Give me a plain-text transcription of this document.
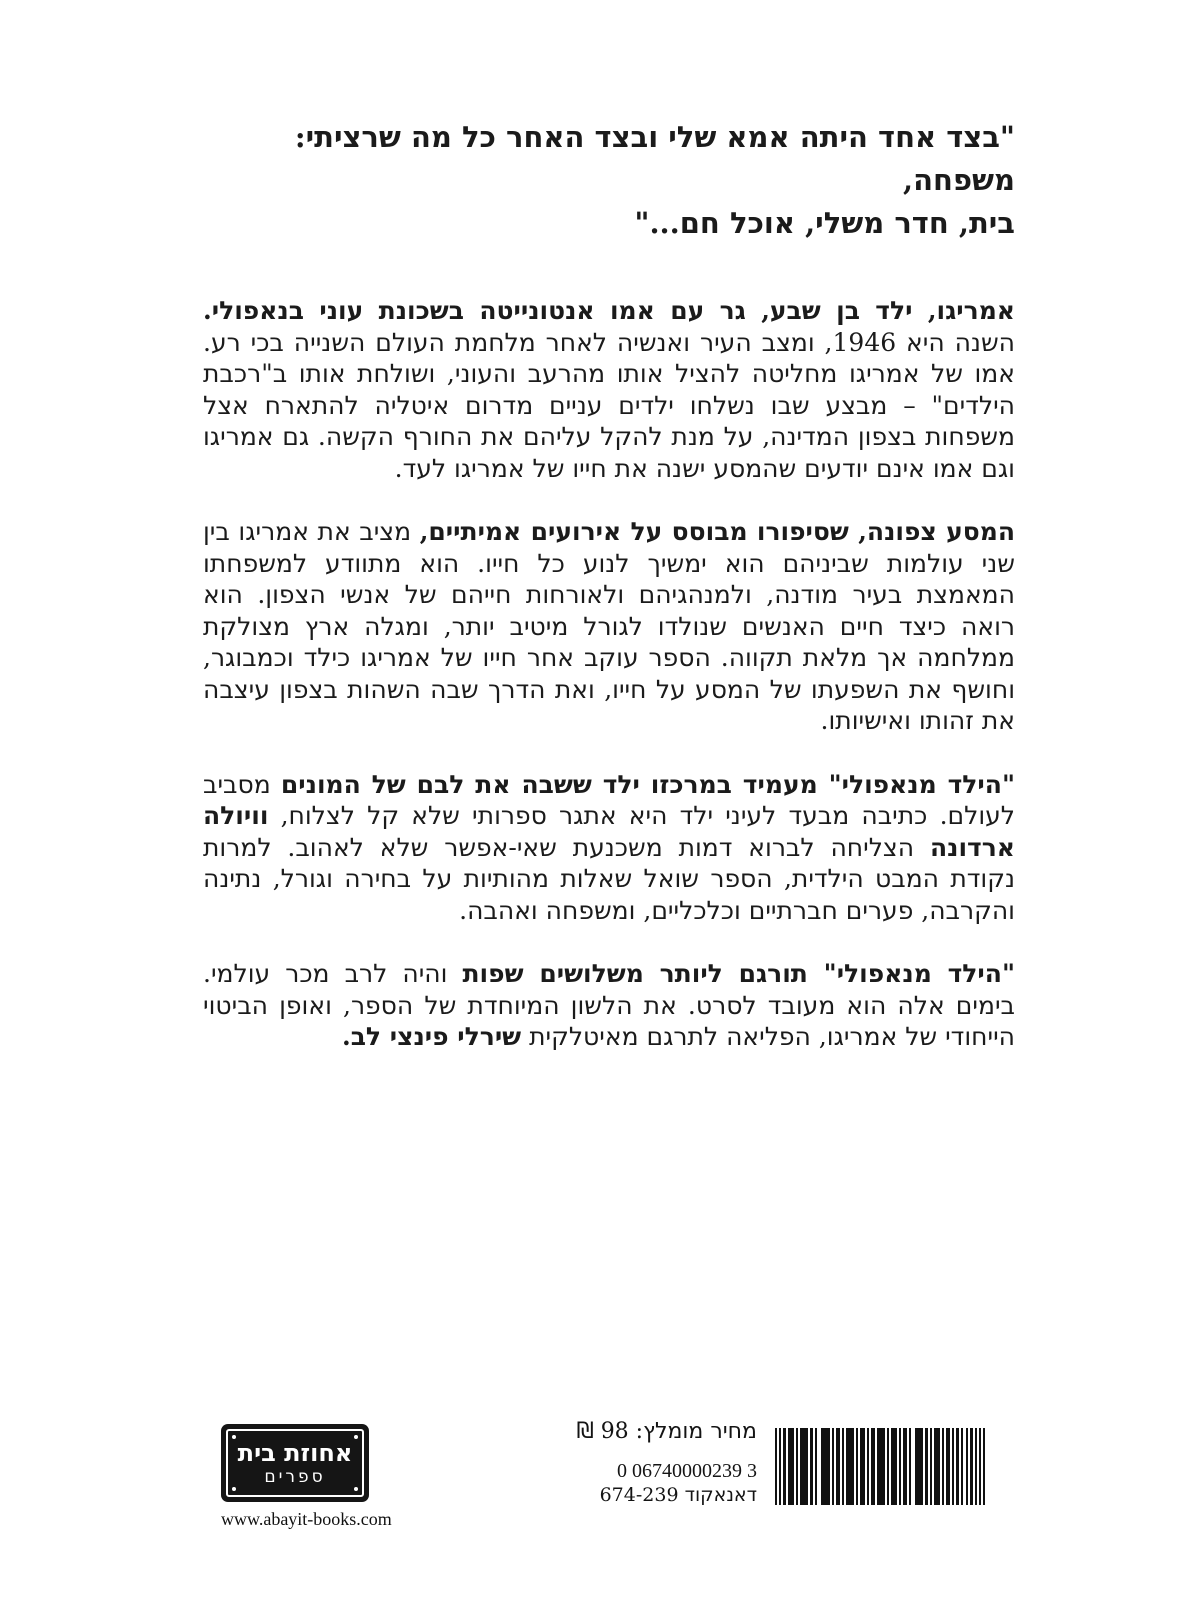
"בצד אחד היתה אמא שלי ובצד האחר כל מה שרציתי: משפחה,
בית, חדר משלי, אוכל חם..."

אמריגו, ילד בן שבע, גר עם אמו אנטונייטה בשכונת עוני בנאפולי. השנה היא 1946, ומצב העיר ואנשיה לאחר מלחמת העולם השנייה בכי רע. אמו של אמריגו מחליטה להציל אותו מהרעב והעוני, ושולחת אותו ב"רכבת הילדים" – מבצע שבו נשלחו ילדים עניים מדרום איטליה להתארח אצל משפחות בצפון המדינה, על מנת להקל עליהם את החורף הקשה. גם אמריגו וגם אמו אינם יודעים שהמסע ישנה את חייו של אמריגו לעד.

המסע צפונה, שסיפורו מבוסס על אירועים אמיתיים, מציב את אמריגו בין שני עולמות שביניהם הוא ימשיך לנוע כל חייו. הוא מתוודע למשפחתו המאמצת בעיר מודנה, ולמנהגיהם ולאורחות חייהם של אנשי הצפון. הוא רואה כיצד חיים האנשים שנולדו לגורל מיטיב יותר, ומגלה ארץ מצולקת ממלחמה אך מלאת תקווה. הספר עוקב אחר חייו של אמריגו כילד וכמבוגר, וחושף את השפעתו של המסע על חייו, ואת הדרך שבה השהות בצפון עיצבה את זהותו ואישיותו.

"הילד מנאפולי" מעמיד במרכזו ילד ששבה את לבם של המונים מסביב לעולם. כתיבה מבעד לעיני ילד היא אתגר ספרותי שלא קל לצלוח, וויולה ארדונה הצליחה לברוא דמות משכנעת שאי-אפשר שלא לאהוב. למרות נקודת המבט הילדית, הספר שואל שאלות מהותיות על בחירה וגורל, נתינה והקרבה, פערים חברתיים וכלכליים, ומשפחה ואהבה.

"הילד מנאפולי" תורגם ליותר משלושים שפות והיה לרב מכר עולמי. בימים אלה הוא מעובד לסרט. את הלשון המיוחדת של הספר, ואופן הביטוי הייחודי של אמריגו, הפליאה לתרגם מאיטלקית שירלי פינצי לב.

אחוזת בית
ספרים
www.abayit-books.com
מחיר מומלץ: 98 ₪
0 06740000239 3
דאנאקוד 674-239
